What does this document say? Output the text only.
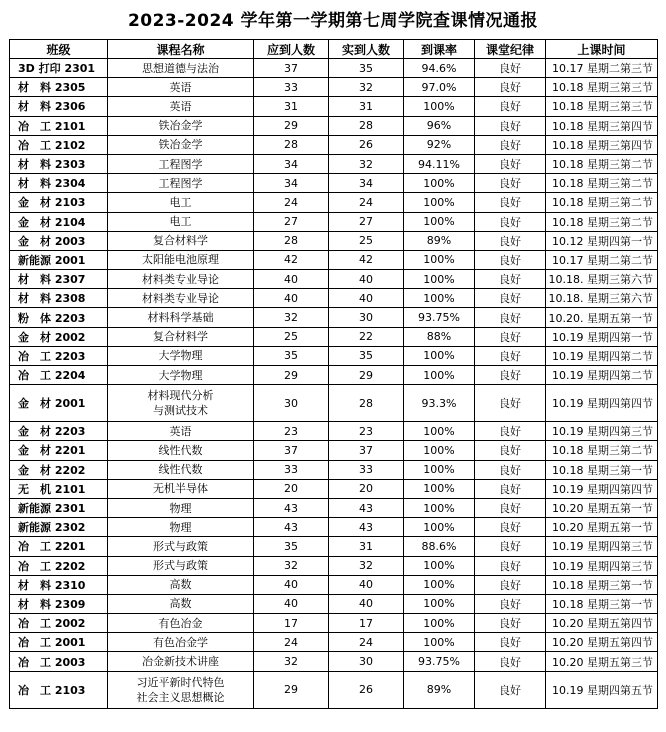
2023-2024 学年第一学期第七周学院查课情况通报
班级	课程名称	应到人数	实到人数	到课率	课堂纪律	上课时间
3D 打印 2301	思想道德与法治	37	35	94.6%	良好	10.17 星期二第三节
材　料 2305	英语	33	32	97.0%	良好	10.18 星期三第三节
材　料 2306	英语	31	31	100%	良好	10.18 星期三第三节
冶　工 2101	铁冶金学	29	28	96%	良好	10.18 星期三第四节
冶　工 2102	铁冶金学	28	26	92%	良好	10.18 星期三第四节
材　料 2303	工程图学	34	32	94.11%	良好	10.18 星期三第二节
材　料 2304	工程图学	34	34	100%	良好	10.18 星期三第二节
金　材 2103	电工	24	24	100%	良好	10.18 星期三第二节
金　材 2104	电工	27	27	100%	良好	10.18 星期三第二节
金　材 2003	复合材料学	28	25	89%	良好	10.12 星期四第一节
新能源 2001	太阳能电池原理	42	42	100%	良好	10.17 星期二第二节
材　料 2307	材料类专业导论	40	40	100%	良好	10.18. 星期三第六节
材　料 2308	材料类专业导论	40	40	100%	良好	10.18. 星期三第六节
粉　体 2203	材料科学基础	32	30	93.75%	良好	10.20. 星期五第一节
金　材 2002	复合材料学	25	22	88%	良好	10.19 星期四第一节
冶　工 2203	大学物理	35	35	100%	良好	10.19 星期四第二节
冶　工 2204	大学物理	29	29	100%	良好	10.19 星期四第二节
金　材 2001	材料现代分析
与测试技术	30	28	93.3%	良好	10.19 星期四第四节
金　材 2203	英语	23	23	100%	良好	10.19 星期四第三节
金　材 2201	线性代数	37	37	100%	良好	10.18 星期三第二节
金　材 2202	线性代数	33	33	100%	良好	10.18 星期三第一节
无　机 2101	无机半导体	20	20	100%	良好	10.19 星期四第四节
新能源 2301	物理	43	43	100%	良好	10.20 星期五第一节
新能源 2302	物理	43	43	100%	良好	10.20 星期五第一节
冶　工 2201	形式与政策	35	31	88.6%	良好	10.19 星期四第三节
冶　工 2202	形式与政策	32	32	100%	良好	10.19 星期四第三节
材　料 2310	高数	40	40	100%	良好	10.18 星期三第一节
材　料 2309	高数	40	40	100%	良好	10.18 星期三第一节
冶　工 2002	有色冶金	17	17	100%	良好	10.20 星期五第四节
冶　工 2001	有色冶金学	24	24	100%	良好	10.20 星期五第四节
冶　工 2003	冶金新技术讲座	32	30	93.75%	良好	10.20 星期五第三节
冶　工 2103	习近平新时代特色
社会主义思想概论	29	26	89%	良好	10.19 星期四第五节
